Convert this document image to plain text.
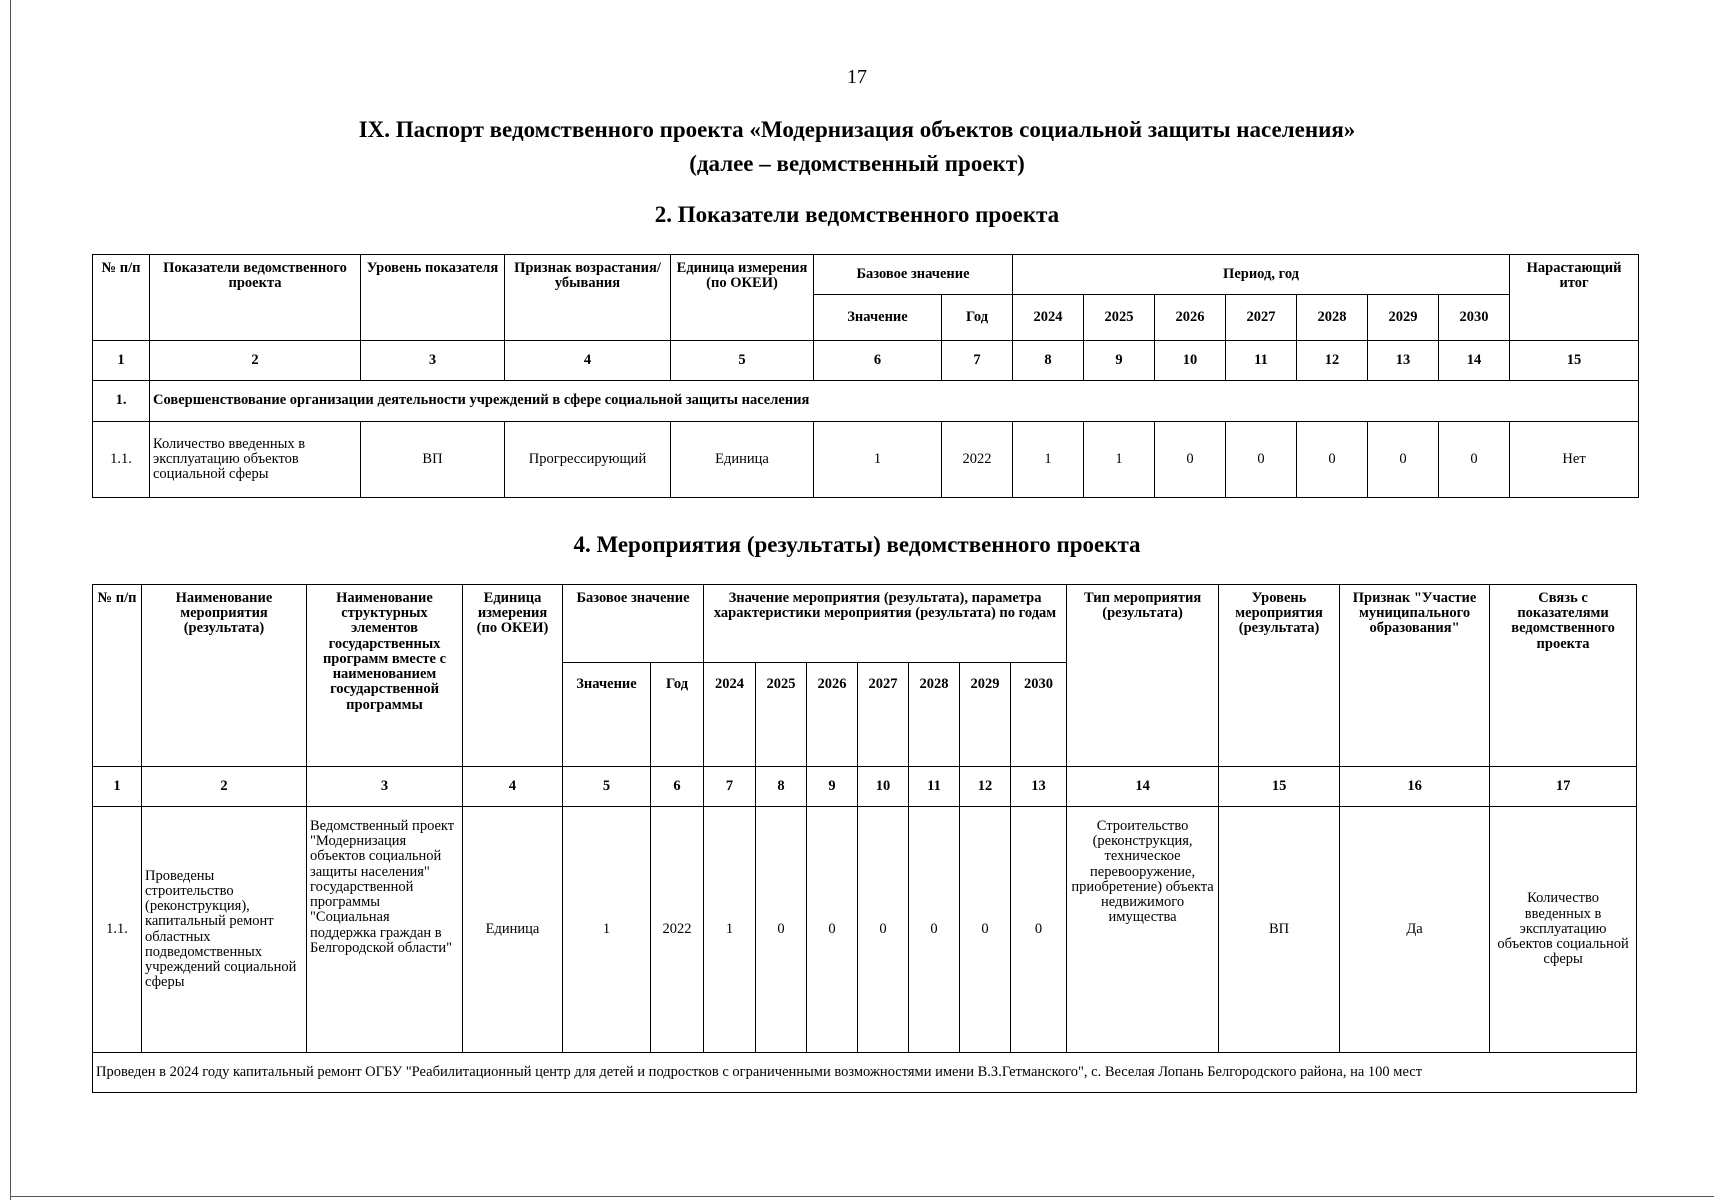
17
IX. Паспорт ведомственного проекта «Модернизация объектов социальной защиты населения»
(далее – ведомственный проект)
2. Показатели ведомственного проекта
№ п/п	Показатели ведомственного проекта	Уровень показателя	Признак возрастания/ убывания	Единица измерения (по ОКЕИ)	Базовое значение		Период, год							Нарастающий итог
					Значение	Год	2024	2025	2026	2027	2028	2029	2030	
1	2	3	4	5	6	7	8	9	10	11	12	13	14	15
1.	Совершенствование организации деятельности учреждений в сфере социальной защиты населения													
1.1.	Количество введенных в эксплуатацию объектов социальной сферы	ВП	Прогрессирующий	Единица	1	2022	1	1	0	0	0	0	0	Нет
4. Мероприятия (результаты) ведомственного проекта
№ п/п	Наименование мероприятия (результата)	Наименование структурных элементов государственных программ вместе с наименованием государственной программы	Единица измерения (по ОКЕИ)	Базовое значение		Значение мероприятия (результата), параметра характеристики мероприятия (результата) по годам							Тип мероприятия (результата)	Уровень мероприятия (результата)	Признак "Участие муниципального образования"	Связь с показателями ведомственного проекта
				Значение	Год	2024	2025	2026	2027	2028	2029	2030				
1	2	3	4	5	6	7	8	9	10	11	12	13	14	15	16	17
1.1.	Проведены строительство (реконструкция), капитальный ремонт областных подведомственных учреждений социальной сферы	Ведомственный проект "Модернизация объектов социальной защиты населения" государственной программы "Социальная поддержка граждан в Белгородской области"	Единица	1	2022	1	0	0	0	0	0	0	Строительство (реконструкция, техническое перевооружение, приобретение) объекта недвижимого имущества	ВП	Да	Количество введенных в эксплуатацию объектов социальной сферы
Проведен в 2024 году капитальный ремонт ОГБУ "Реабилитационный центр для детей и подростков с ограниченными возможностями имени В.З.Гетманского", с. Веселая Лопань Белгородского района, на 100 мест																
